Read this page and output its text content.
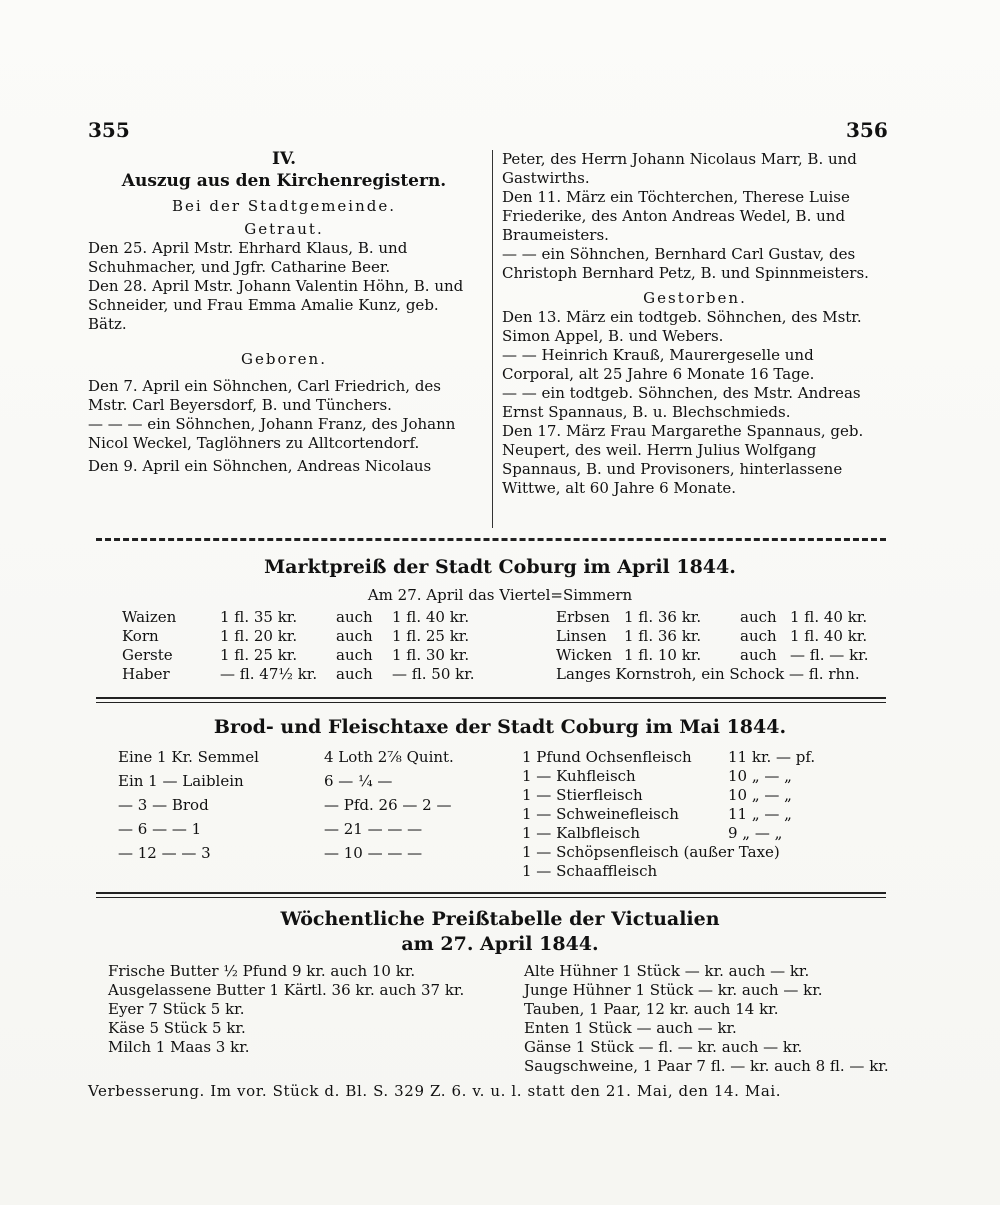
355	356

IV.

Auszug aus den Kirchenregistern.

Bei der Stadtgemeinde.

Getraut.

Den 25. April Mstr. Ehrhard Klaus, B. und Schuhmacher, und Jgfr. Catharine Beer.

Den 28. April Mstr. Johann Valentin Höhn, B. und Schneider, und Frau Emma Amalie Kunz, geb. Bätz.

Geboren.

Den 7. April ein Söhnchen, Carl Friedrich, des Mstr. Carl Beyersdorf, B. und Tünchers.

— — — ein Söhnchen, Johann Franz, des Johann Nicol Weckel, Taglöhners zu Alltcortendorf.

Den 9. April ein Söhnchen, Andreas Nicolaus

Peter, des Herrn Johann Nicolaus Marr, B. und Gastwirths.

Den 11. März ein Töchterchen, Therese Luise Friederike, des Anton Andreas Wedel, B. und Braumeisters.

— — ein Söhnchen, Bernhard Carl Gustav, des Christoph Bernhard Petz, B. und Spinnmeisters.

Gestorben.

Den 13. März ein todtgeb. Söhnchen, des Mstr. Simon Appel, B. und Webers.

— — Heinrich Krauß, Maurergeselle und Corporal, alt 25 Jahre 6 Monate 16 Tage.

— — ein todtgeb. Söhnchen, des Mstr. Andreas Ernst Spannaus, B. u. Blechschmieds.

Den 17. März Frau Margarethe Spannaus, geb. Neupert, des weil. Herrn Julius Wolfgang Spannaus, B. und Provisoners, hinterlassene Wittwe, alt 60 Jahre 6 Monate.

Marktpreiß der Stadt Coburg im April 1844.
Am 27. April das Viertel=Simmern
Waizen	1 fl. 35 kr.	auch	1 fl. 40 kr.
Korn	1 fl. 20 kr.	auch	1 fl. 25 kr.
Gerste	1 fl. 25 kr.	auch	1 fl. 30 kr.
Haber	— fl. 47½ kr.	auch	— fl. 50 kr.
Erbsen	1 fl. 36 kr.	auch	1 fl. 40 kr.
Linsen	1 fl. 36 kr.	auch	1 fl. 40 kr.
Wicken	1 fl. 10 kr.	auch	— fl. — kr.
Langes Kornstroh, ein Schock — fl. rhn.			
Brod- und Fleischtaxe der Stadt Coburg im Mai 1844.
Eine 1 Kr. Semmel	4 Loth 2⅞ Quint.
Ein 1 — Laiblein	6 — ¼ —
— 3 — Brod	— Pfd. 26 — 2 —
— 6 — — 1	— 21 — — —
— 12 — — 3	— 10 — — —
1 Pfund Ochsenfleisch	11 kr. — pf.
1 — Kuhfleisch	10 „ — „
1 — Stierfleisch	10 „ — „
1 — Schweinefleisch	11 „ — „
1 — Kalbfleisch	9 „ — „
1 — Schöpsenfleisch (außer Taxe)	
1 — Schaaffleisch	
Wöchentliche Preißtabelle der Victualien
am 27. April 1844.

Frische Butter ½ Pfund 9 kr. auch 10 kr.

Ausgelassene Butter 1 Kärtl. 36 kr. auch 37 kr.

Eyer 7 Stück 5 kr.

Käse 5 Stück 5 kr.

Milch 1 Maas 3 kr.

Alte Hühner 1 Stück — kr. auch — kr.

Junge Hühner 1 Stück — kr. auch — kr.

Tauben, 1 Paar, 12 kr. auch 14 kr.

Enten 1 Stück — auch — kr.

Gänse 1 Stück — fl. — kr. auch — kr.

Saugschweine, 1 Paar 7 fl. — kr. auch 8 fl. — kr.

Verbesserung. Im vor. Stück d. Bl. S. 329 Z. 6. v. u. l. statt den 21. Mai, den 14. Mai.
